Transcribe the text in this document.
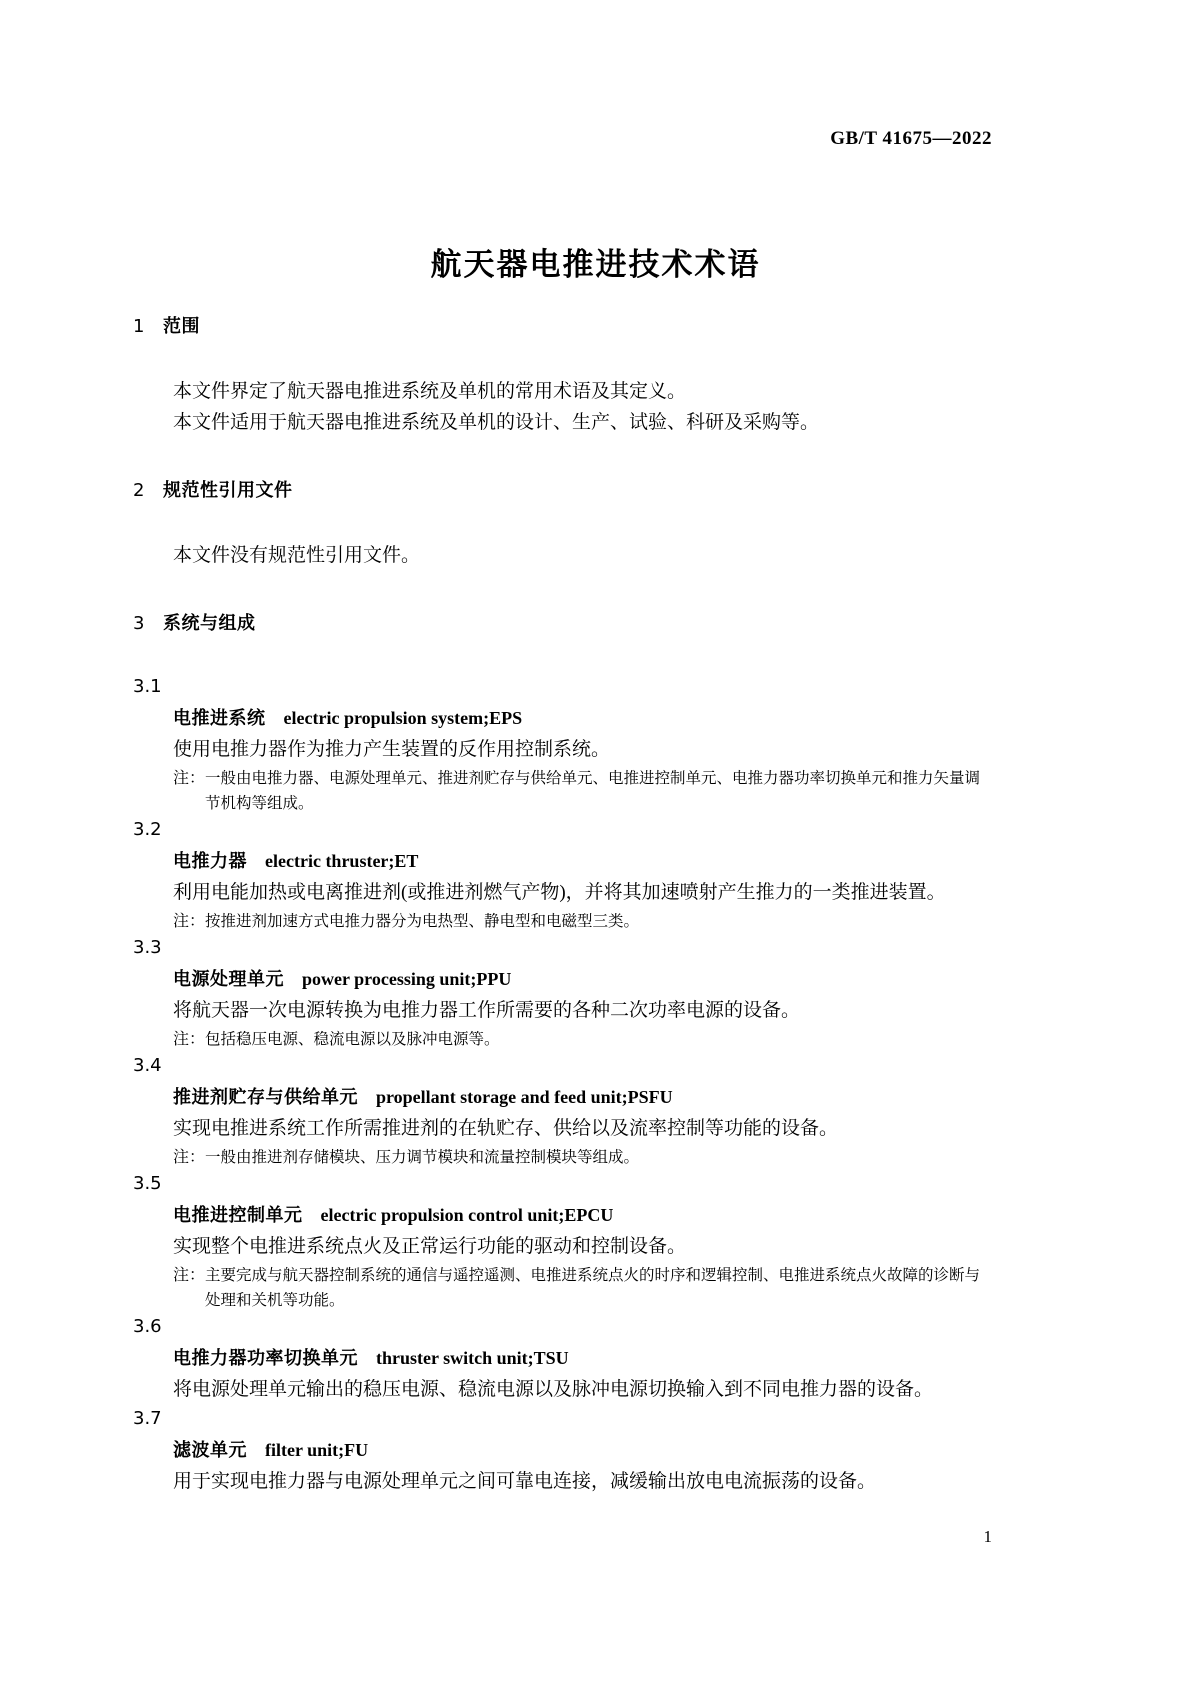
GB/T 41675—2022
航天器电推进技术术语
1 范围

本文件界定了航天器电推进系统及单机的常用术语及其定义。

本文件适用于航天器电推进系统及单机的设计、生产、试验、科研及采购等。

2 规范性引用文件

本文件没有规范性引用文件。

3 系统与组成

3.1

电推进系统 electric propulsion system;EPS

使用电推力器作为推力产生装置的反作用控制系统。

注：一般由电推力器、电源处理单元、推进剂贮存与供给单元、电推进控制单元、电推力器功率切换单元和推力矢量调节机构等组成。

3.2

电推力器 electric thruster;ET

利用电能加热或电离推进剂(或推进剂燃气产物)，并将其加速喷射产生推力的一类推进装置。

注：按推进剂加速方式电推力器分为电热型、静电型和电磁型三类。

3.3

电源处理单元 power processing unit;PPU

将航天器一次电源转换为电推力器工作所需要的各种二次功率电源的设备。

注：包括稳压电源、稳流电源以及脉冲电源等。

3.4

推进剂贮存与供给单元 propellant storage and feed unit;PSFU

实现电推进系统工作所需推进剂的在轨贮存、供给以及流率控制等功能的设备。

注：一般由推进剂存储模块、压力调节模块和流量控制模块等组成。

3.5

电推进控制单元 electric propulsion control unit;EPCU

实现整个电推进系统点火及正常运行功能的驱动和控制设备。

注：主要完成与航天器控制系统的通信与遥控遥测、电推进系统点火的时序和逻辑控制、电推进系统点火故障的诊断与处理和关机等功能。

3.6

电推力器功率切换单元 thruster switch unit;TSU

将电源处理单元输出的稳压电源、稳流电源以及脉冲电源切换输入到不同电推力器的设备。

3.7

滤波单元 filter unit;FU

用于实现电推力器与电源处理单元之间可靠电连接，减缓输出放电电流振荡的设备。

1
